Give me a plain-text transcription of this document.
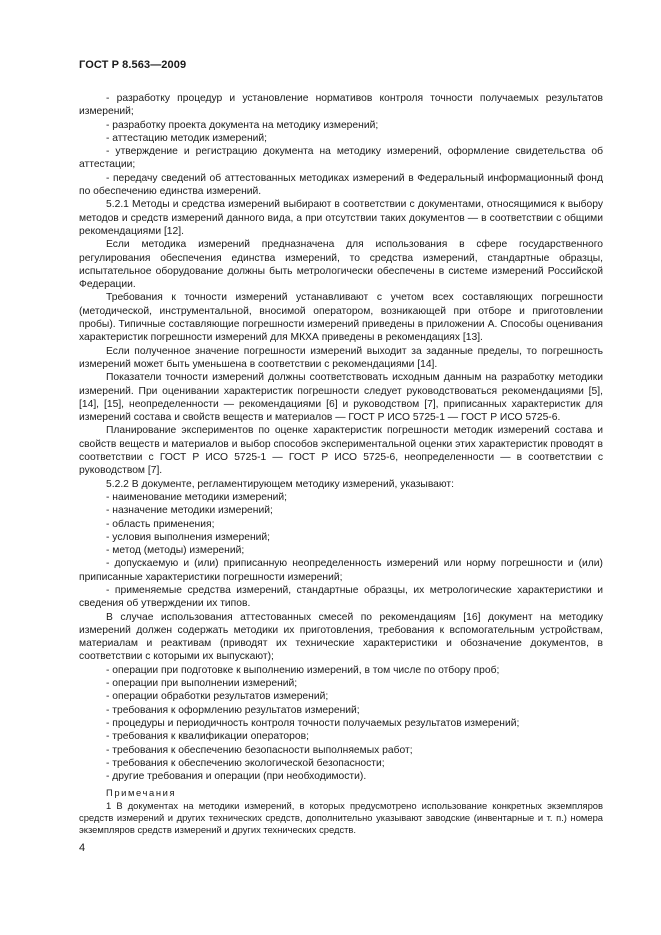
ГОСТ Р 8.563—2009

- разработку процедур и установление нормативов контроля точности получаемых результатов измерений;

- разработку проекта документа на методику измерений;

- аттестацию методик измерений;

- утверждение и регистрацию документа на методику измерений, оформление свидетельства об аттестации;

- передачу сведений об аттестованных методиках измерений в Федеральный информационный фонд по обеспечению единства измерений.

5.2.1 Методы и средства измерений выбирают в соответствии с документами, относящимися к выбору методов и средств измерений данного вида, а при отсутствии таких документов — в соответствии с общими рекомендациями [12].

Если методика измерений предназначена для использования в сфере государственного регулирования обеспечения единства измерений, то средства измерений, стандартные образцы, испытательное оборудование должны быть метрологически обеспечены в системе измерений Российской Федерации.

Требования к точности измерений устанавливают с учетом всех составляющих погрешности (методической, инструментальной, вносимой оператором, возникающей при отборе и приготовлении пробы). Типичные составляющие погрешности измерений приведены в приложении А. Способы оценивания характеристик погрешности измерений для МКХА приведены в рекомендациях [13].

Если полученное значение погрешности измерений выходит за заданные пределы, то погрешность измерений может быть уменьшена в соответствии с рекомендациями [14].

Показатели точности измерений должны соответствовать исходным данным на разработку методики измерений. При оценивании характеристик погрешности следует руководствоваться рекомендациями [5], [14], [15], неопределенности — рекомендациями [6] и руководством [7], приписанных характеристик для измерений состава и свойств веществ и материалов — ГОСТ Р ИСО 5725-1 — ГОСТ Р ИСО 5725-6.

Планирование экспериментов по оценке характеристик погрешности методик измерений состава и свойств веществ и материалов и выбор способов экспериментальной оценки этих характеристик проводят в соответствии с ГОСТ Р ИСО 5725-1 — ГОСТ Р ИСО 5725-6, неопределенности — в соответствии с руководством [7].

5.2.2 В документе, регламентирующем методику измерений, указывают:

- наименование методики измерений;

- назначение методики измерений;

- область применения;

- условия выполнения измерений;

- метод (методы) измерений;

- допускаемую и (или) приписанную неопределенность измерений или норму погрешности и (или) приписанные характеристики погрешности измерений;

- применяемые средства измерений, стандартные образцы, их метрологические характеристики и сведения об утверждении их типов.

В случае использования аттестованных смесей по рекомендациям [16] документ на методику измерений должен содержать методики их приготовления, требования к вспомогательным устройствам, материалам и реактивам (приводят их технические характеристики и обозначение документов, в соответствии с которыми их выпускают);

- операции при подготовке к выполнению измерений, в том числе по отбору проб;

- операции при выполнении измерений;

- операции обработки результатов измерений;

- требования к оформлению результатов измерений;

- процедуры и периодичность контроля точности получаемых результатов измерений;

- требования к квалификации операторов;

- требования к обеспечению безопасности выполняемых работ;

- требования к обеспечению экологической безопасности;

- другие требования и операции (при необходимости).

Примечания

1 В документах на методики измерений, в которых предусмотрено использование конкретных экземпляров средств измерений и других технических средств, дополнительно указывают заводские (инвентарные и т. п.) номера экземпляров средств измерений и других технических средств.

4
